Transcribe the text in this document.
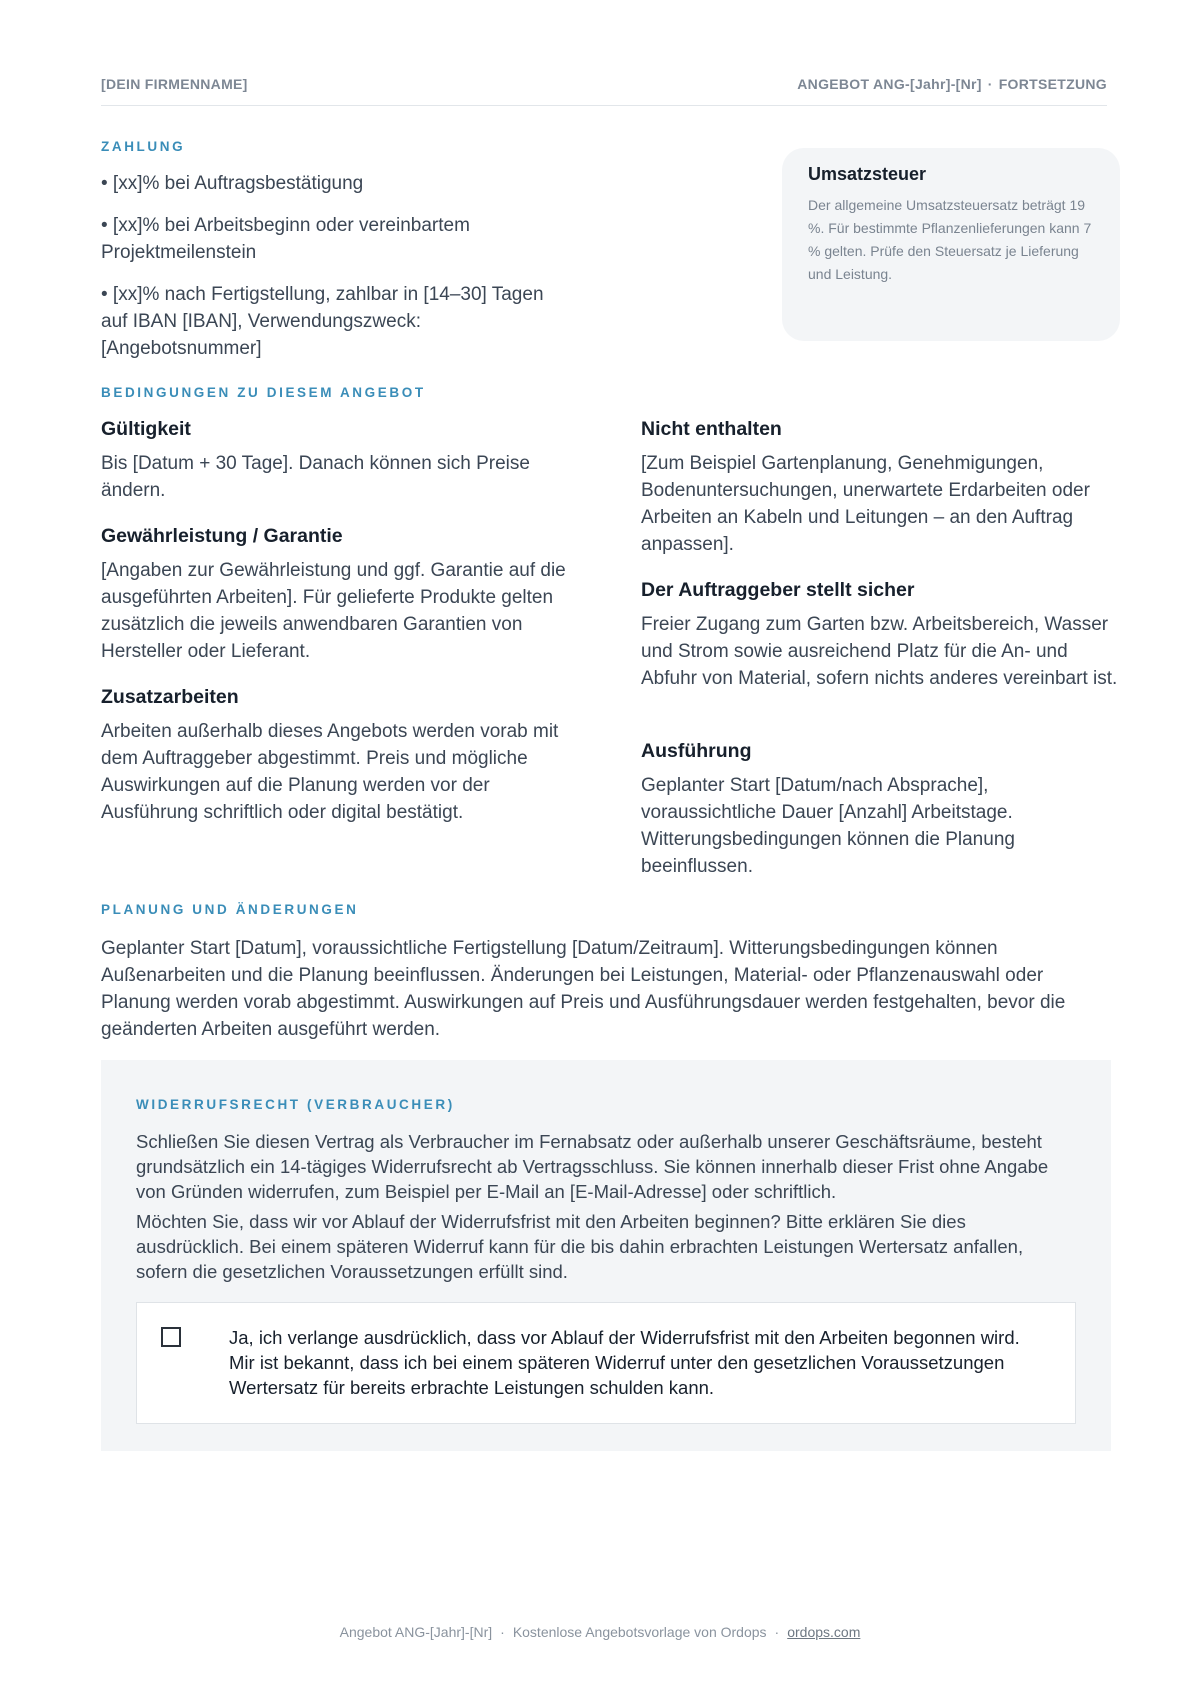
[DEIN FIRMENNAME]	ANGEBOT ANG-[Jahr]-[Nr] · FORTSETZUNG
ZAHLUNG
• [xx]% bei Auftragsbestätigung
• [xx]% bei Arbeitsbeginn oder vereinbartem Projektmeilenstein
• [xx]% nach Fertigstellung, zahlbar in [14–30] Tagen auf IBAN [IBAN], Verwendungszweck: [Angebotsnummer]
Umsatzsteuer
Der allgemeine Umsatzsteuersatz beträgt 19 %. Für bestimmte Pflanzenlieferungen kann 7 % gelten. Prüfe den Steuersatz je Lieferung und Leistung.
BEDINGUNGEN ZU DIESEM ANGEBOT
Gültigkeit

Bis [Datum + 30 Tage]. Danach können sich Preise ändern.

Gewährleistung / Garantie

[Angaben zur Gewährleistung und ggf. Garantie auf die ausgeführten Arbeiten]. Für gelieferte Produkte gelten zusätzlich die jeweils anwendbaren Garantien von Hersteller oder Lieferant.

Zusatzarbeiten

Arbeiten außerhalb dieses Angebots werden vorab mit dem Auftraggeber abgestimmt. Preis und mögliche Auswirkungen auf die Planung werden vor der Ausführung schriftlich oder digital bestätigt.

Nicht enthalten

[Zum Beispiel Gartenplanung, Genehmigungen, Bodenuntersuchungen, unerwartete Erdarbeiten oder Arbeiten an Kabeln und Leitungen – an den Auftrag anpassen].

Der Auftraggeber stellt sicher

Freier Zugang zum Garten bzw. Arbeitsbereich, Wasser und Strom sowie ausreichend Platz für die An- und Abfuhr von Material, sofern nichts anderes vereinbart ist.

Ausführung

Geplanter Start [Datum/nach Absprache], voraussichtliche Dauer [Anzahl] Arbeitstage. Witterungsbedingungen können die Planung beeinflussen.

PLANUNG UND ÄNDERUNGEN
Geplanter Start [Datum], voraussichtliche Fertigstellung [Datum/Zeitraum]. Witterungsbedingungen können Außenarbeiten und die Planung beeinflussen. Änderungen bei Leistungen, Material- oder Pflanzenauswahl oder Planung werden vorab abgestimmt. Auswirkungen auf Preis und Ausführungsdauer werden festgehalten, bevor die geänderten Arbeiten ausgeführt werden.
WIDERRUFSRECHT (VERBRAUCHER)
Schließen Sie diesen Vertrag als Verbraucher im Fernabsatz oder außerhalb unserer Geschäftsräume, besteht grundsätzlich ein 14-tägiges Widerrufsrecht ab Vertragsschluss. Sie können innerhalb dieser Frist ohne Angabe von Gründen widerrufen, zum Beispiel per E-Mail an [E-Mail-Adresse] oder schriftlich.
Möchten Sie, dass wir vor Ablauf der Widerrufsfrist mit den Arbeiten beginnen? Bitte erklären Sie dies ausdrücklich. Bei einem späteren Widerruf kann für die bis dahin erbrachten Leistungen Wertersatz anfallen, sofern die gesetzlichen Voraussetzungen erfüllt sind.
Ja, ich verlange ausdrücklich, dass vor Ablauf der Widerrufsfrist mit den Arbeiten begonnen wird. Mir ist bekannt, dass ich bei einem späteren Widerruf unter den gesetzlichen Voraussetzungen Wertersatz für bereits erbrachte Leistungen schulden kann.
Angebot ANG-[Jahr]-[Nr] · Kostenlose Angebotsvorlage von Ordops · ordops.com
